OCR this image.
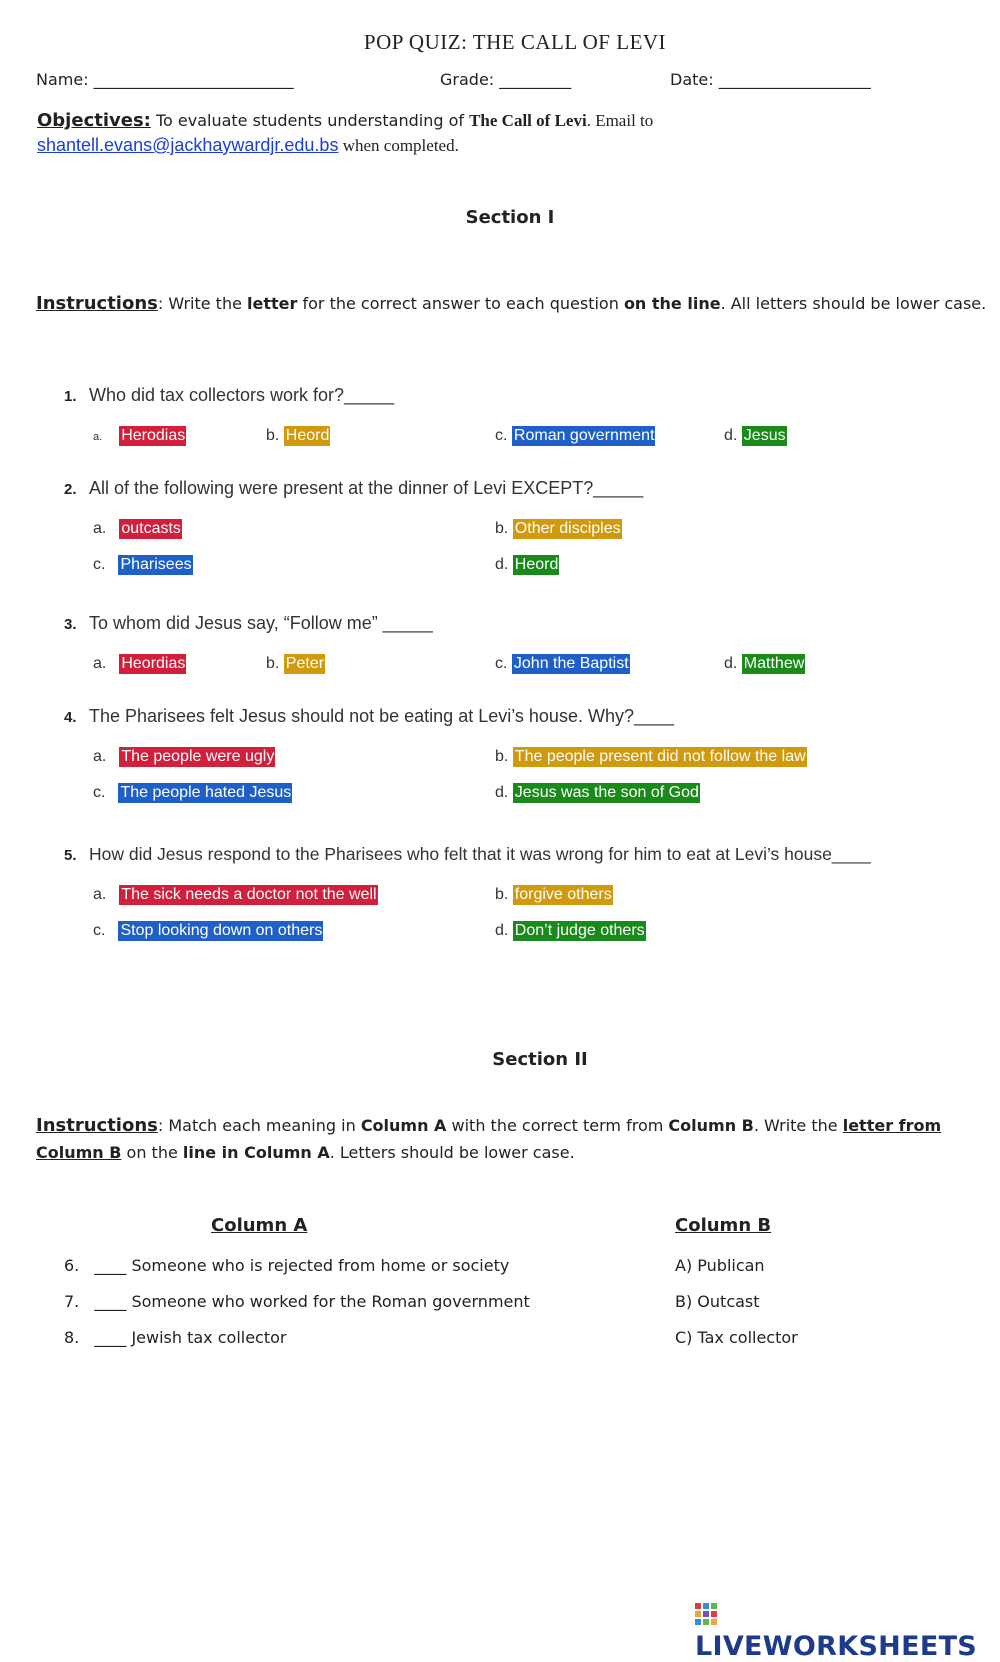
POP QUIZ: THE CALL OF LEVI
Name: _________________________	Grade: _________	Date: ___________________
Objectives: To evaluate students understanding of The Call of Levi. Email to
shantell.evans@jackhaywardjr.edu.bs when completed.
Section I
Instructions: Write the letter for the correct answer to each question on the line. All letters should be lower case.
1. Who did tax collectors work for?_____
a. Herodias	b. Heord	c. Roman government	d. Jesus
2. All of the following were present at the dinner of Levi EXCEPT?_____
a. outcasts	b. Other disciples
c. Pharisees	d. Heord
3. To whom did Jesus say, “Follow me” _____
a. Heordias	b. Peter	c. John the Baptist	d. Matthew
4. The Pharisees felt Jesus should not be eating at Levi’s house. Why?____
a. The people were ugly	b. The people present did not follow the law
c. The people hated Jesus	d. Jesus was the son of God
5. How did Jesus respond to the Pharisees who felt that it was wrong for him to eat at Levi’s house____
a. The sick needs a doctor not the well	b. forgive others
c. Stop looking down on others	d. Don’t judge others
Section II
Instructions: Match each meaning in Column A with the correct term from Column B. Write the letter from
Column B on the line in Column A. Letters should be lower case.
Column A	Column B
6. ____ Someone who is rejected from home or society	A) Publican
7. ____ Someone who worked for the Roman government	B) Outcast
8. ____ Jewish tax collector	C) Tax collector
LIVEWORKSHEETS
